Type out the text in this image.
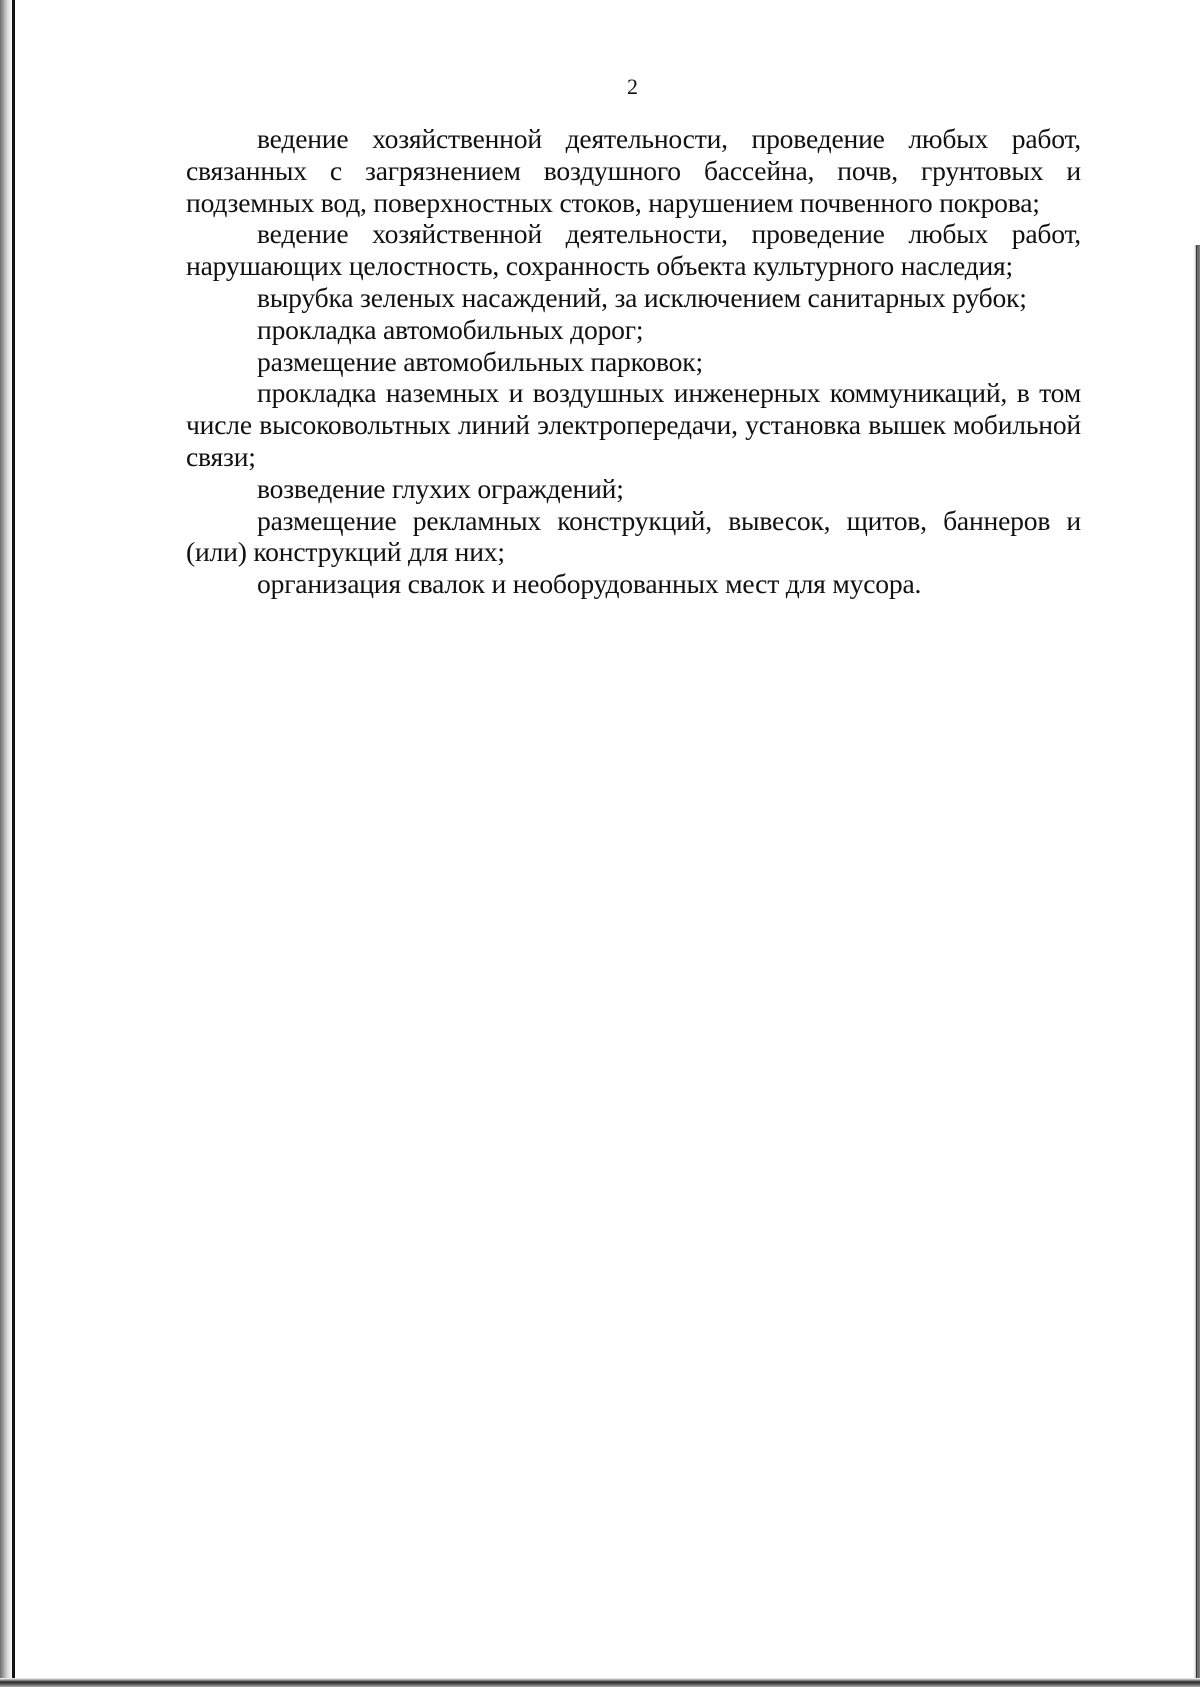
2

ведение хозяйственной деятельности, проведение любых работ, связанных с загрязнением воздушного бассейна, почв, грунтовых и подземных вод, поверхностных стоков, нарушением почвенного покрова;

ведение хозяйственной деятельности, проведение любых работ, нарушающих целостность, сохранность объекта культурного наследия;

вырубка зеленых насаждений, за исключением санитарных рубок;

прокладка автомобильных дорог;

размещение автомобильных парковок;

прокладка наземных и воздушных инженерных коммуникаций, в том числе высоковольтных линий электропередачи, установка вышек мобильной связи;

возведение глухих ограждений;

размещение рекламных конструкций, вывесок, щитов, баннеров и (или) конструкций для них;

организация свалок и необорудованных мест для мусора.
